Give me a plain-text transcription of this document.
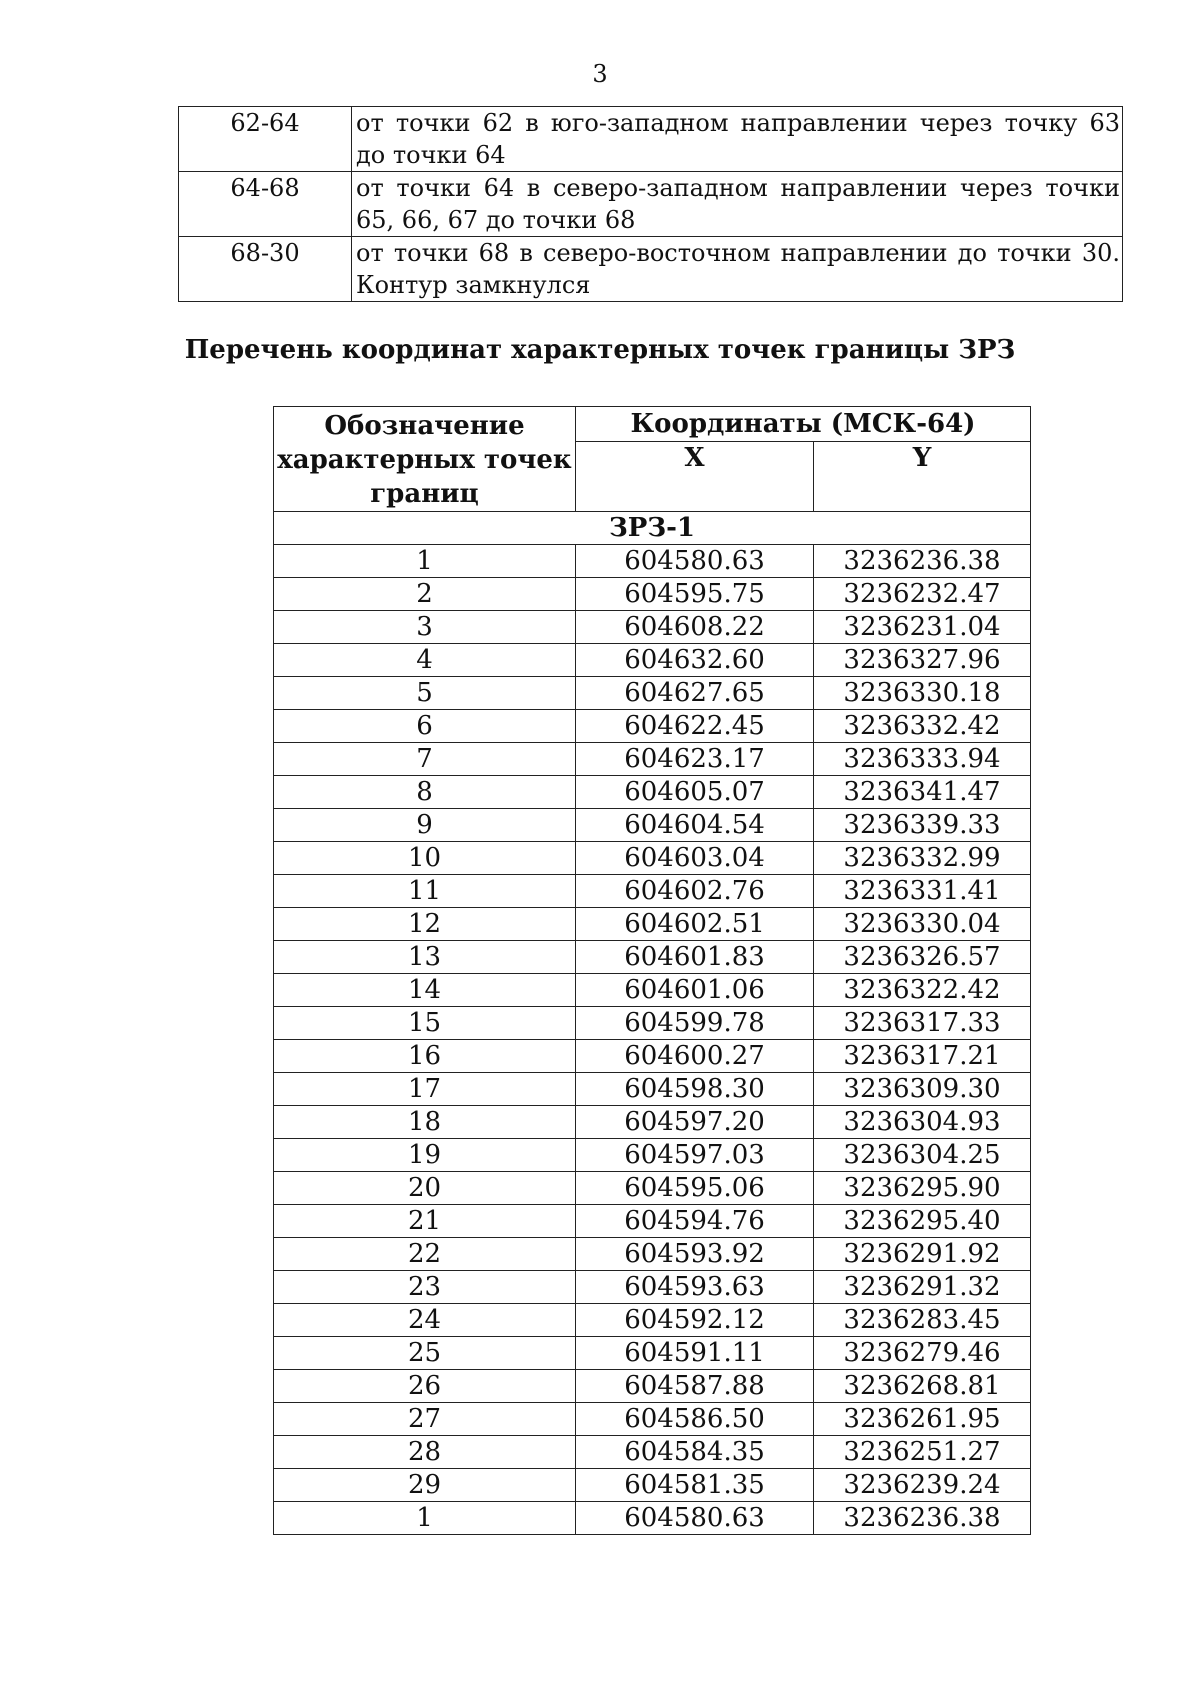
3
62-64	от точки 62 в юго-западном направлении через точку 63 до точки 64
64-68	от точки 64 в северо-западном направлении через точки 65, 66, 67 до точки 68
68-30	от точки 68 в северо-восточном направлении до точки 30. Контур замкнулся
Перечень координат характерных точек границы ЗРЗ
Обозначение характерных точек границ	Координаты (МСК-64)	
	X	Y
ЗРЗ-1		
1	604580.63	3236236.38
2	604595.75	3236232.47
3	604608.22	3236231.04
4	604632.60	3236327.96
5	604627.65	3236330.18
6	604622.45	3236332.42
7	604623.17	3236333.94
8	604605.07	3236341.47
9	604604.54	3236339.33
10	604603.04	3236332.99
11	604602.76	3236331.41
12	604602.51	3236330.04
13	604601.83	3236326.57
14	604601.06	3236322.42
15	604599.78	3236317.33
16	604600.27	3236317.21
17	604598.30	3236309.30
18	604597.20	3236304.93
19	604597.03	3236304.25
20	604595.06	3236295.90
21	604594.76	3236295.40
22	604593.92	3236291.92
23	604593.63	3236291.32
24	604592.12	3236283.45
25	604591.11	3236279.46
26	604587.88	3236268.81
27	604586.50	3236261.95
28	604584.35	3236251.27
29	604581.35	3236239.24
1	604580.63	3236236.38
